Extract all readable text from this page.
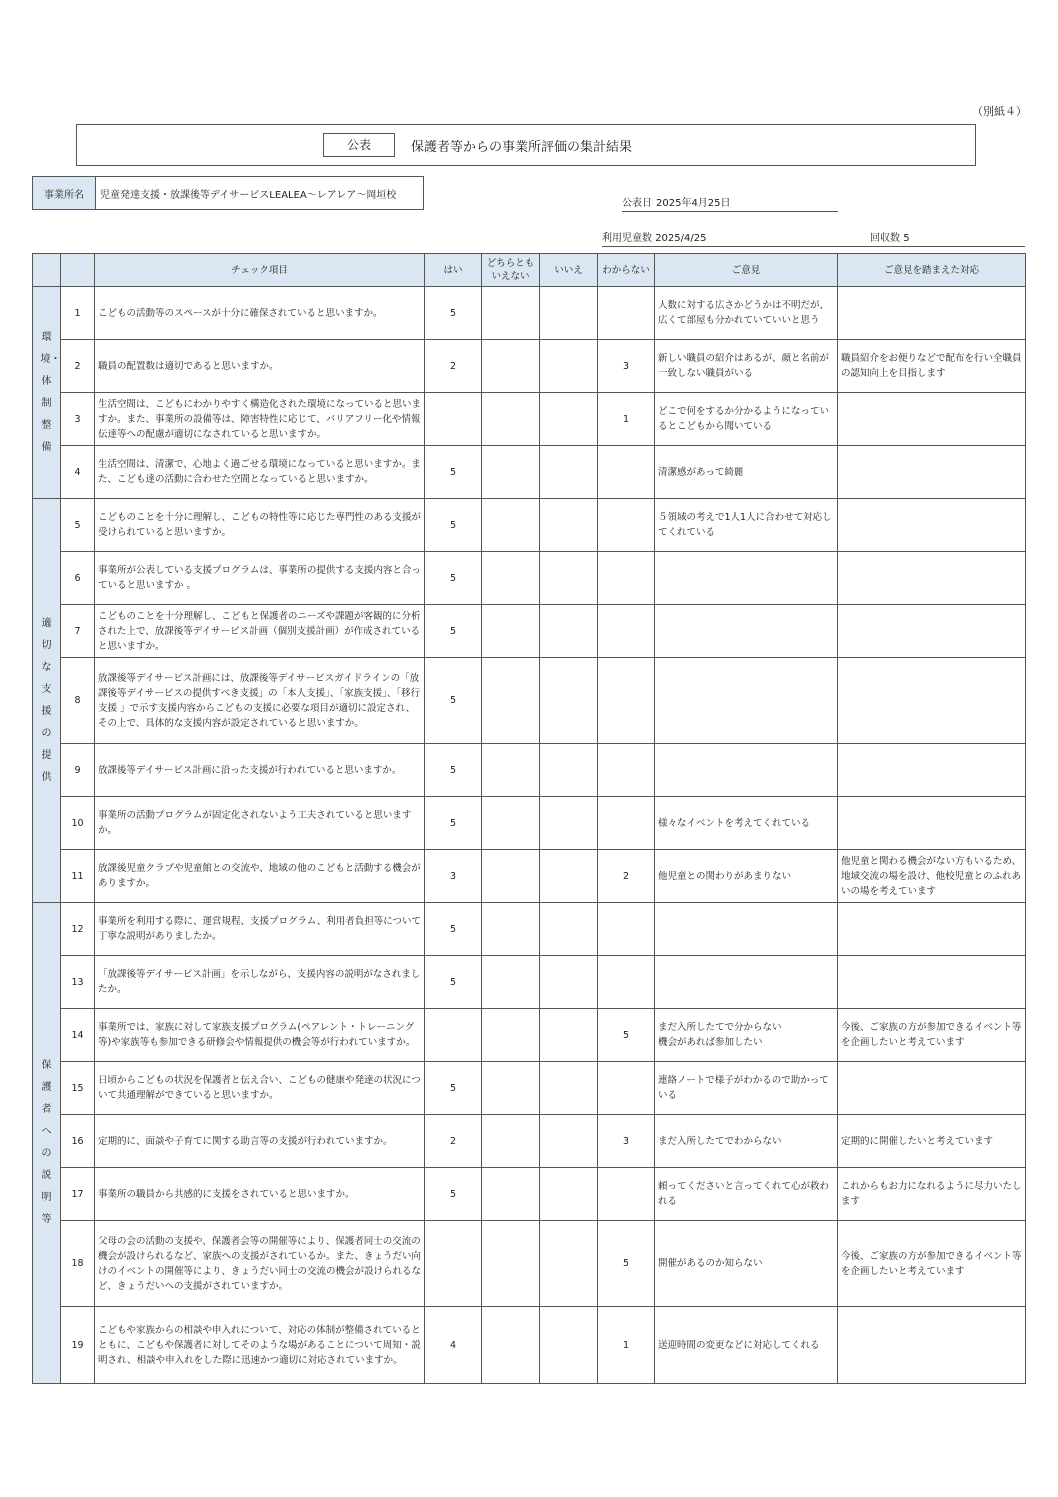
（別紙４）
公表	保護者等からの事業所評価の集計結果
事業所名	児童発達支援・放課後等デイサービスLEALEA～レアレア～岡垣校
公表日 2025年4月25日
利用児童数 2025/4/25	回収数 5
		チェック項目	はい	どちらとも
いえない	いいえ	わからない	ご意見	ご意見を踏まえた対応

環境・体制整備	1	こどもの活動等のスペースが十分に確保されていると思いますか。	5				人数に対する広さかどうかは不明だが、広くて部屋も分かれていていいと思う	
	2	職員の配置数は適切であると思いますか。	2			3	新しい職員の紹介はあるが、顔と名前が一致しない職員がいる	職員紹介をお便りなどで配布を行い全職員の認知向上を目指します
	3	生活空間は、こどもにわかりやすく構造化された環境になっていると思いますか。また、事業所の設備等は、障害特性に応じて、バリアフリー化や情報伝達等への配慮が適切になされていると思いますか。				1	どこで何をするか分かるようになっているとこどもから聞いている	
	4	生活空間は、清潔で、心地よく過ごせる環境になっていると思いますか。また、こども達の活動に合わせた空間となっていると思いますか。	5				清潔感があって綺麗	

適切な支援の提供	5	こどものことを十分に理解し、こどもの特性等に応じた専門性のある支援が受けられていると思いますか。	5				５領域の考えで1人1人に合わせて対応してくれている	
	6	事業所が公表している支援プログラムは、事業所の提供する支援内容と合っていると思いますか 。	5					
	7	こどものことを十分理解し、こどもと保護者のニーズや課題が客観的に分析された上で、放課後等デイサービス計画（個別支援計画）が作成されていると思いますか。	5					
	8	放課後等デイサービス計画には、放課後等デイサービスガイドラインの「放課後等デイサービスの提供すべき支援」の「本人支援」、「家族支援」、「移行支援 」で示す支援内容からこどもの支援に必要な項目が適切に設定され、その上で、具体的な支援内容が設定されていると思いますか。	5					
	9	放課後等デイサービス計画に沿った支援が行われていると思いますか。	5					
	10	事業所の活動プログラムが固定化されないよう工夫されていると思いますか。	5				様々なイベントを考えてくれている	
	11	放課後児童クラブや児童館との交流や、地域の他のこどもと活動する機会がありますか。	3			2	他児童との関わりがあまりない	他児童と関わる機会がない方もいるため、地域交流の場を設け、他校児童とのふれあいの場を考えています

保護者への説明等	12	事業所を利用する際に、運営規程、支援プログラム、利用者負担等について丁寧な説明がありましたか。	5					
	13	「放課後等デイサービス計画」を示しながら、支援内容の説明がなされましたか。	5					
	14	事業所では、家族に対して家族支援プログラム(ペアレント・トレーニング等)や家族等も参加できる研修会や情報提供の機会等が行われていますか。				5	まだ入所したてで分からない
機会があれば参加したい	今後、ご家族の方が参加できるイベント等を企画したいと考えています
	15	日頃からこどもの状況を保護者と伝え合い、こどもの健康や発達の状況について共通理解ができていると思いますか。	5				連絡ノートで様子がわかるので助かっている	
	16	定期的に、面談や子育てに関する助言等の支援が行われていますか。	2			3	まだ入所したてでわからない	定期的に開催したいと考えています
	17	事業所の職員から共感的に支援をされていると思いますか。	5				頼ってくださいと言ってくれて心が救われる	これからもお力になれるように尽力いたします
	18	父母の会の活動の支援や、保護者会等の開催等により、保護者同士の交流の機会が設けられるなど、家族への支援がされているか。また、きょうだい向けのイベントの開催等により、きょうだい同士の交流の機会が設けられるなど、きょうだいへの支援がされていますか。				5	開催があるのか知らない	今後、ご家族の方が参加できるイベント等を企画したいと考えています
	19	こどもや家族からの相談や申入れについて、対応の体制が整備されているとともに、こどもや保護者に対してそのような場があることについて周知・説明され、相談や申入れをした際に迅速かつ適切に対応されていますか。	4			1	送迎時間の変更などに対応してくれる	
